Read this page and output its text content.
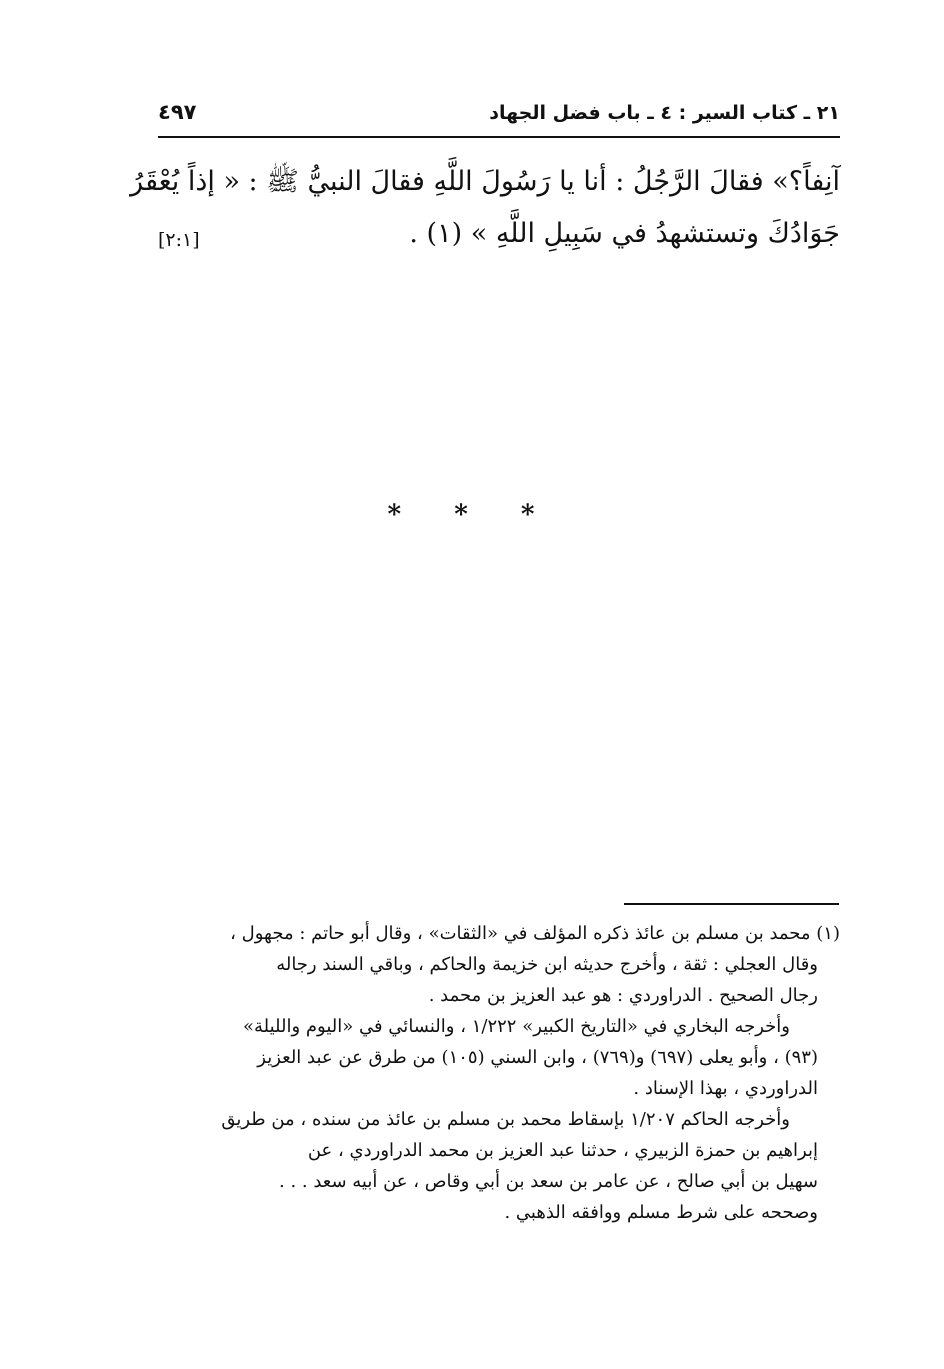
٢١ ـ كتاب السير : ٤ ـ باب فضل الجهاد
٤٩٧
آنِفاً؟» فقالَ الرَّجُلُ : أنا يا رَسُولَ اللَّهِ فقالَ النبيُّ ﷺ : « إذاً يُعْقَرُ
جَوَادُكَ وتستشهدُ في سَبِيلِ اللَّهِ » (١) .
[٢:١]
* * *
(١) محمد بن مسلم بن عائذ ذكره المؤلف في «الثقات» ، وقال أبو حاتم : مجهول ،
وقال العجلي : ثقة ، وأخرج حديثه ابن خزيمة والحاكم ، وباقي السند رجاله
رجال الصحيح . الدراوردي : هو عبد العزيز بن محمد .
وأخرجه البخاري في «التاريخ الكبير» ١/٢٢٢ ، والنسائي في «اليوم والليلة»
(٩٣) ، وأبو يعلى (٦٩٧) و(٧٦٩) ، وابن السني (١٠٥) من طرق عن عبد العزيز
الدراوردي ، بهذا الإسناد .
وأخرجه الحاكم ١/٢٠٧ بإسقاط محمد بن مسلم بن عائذ من سنده ، من طريق
إبراهيم بن حمزة الزبيري ، حدثنا عبد العزيز بن محمد الدراوردي ، عن
سهيل بن أبي صالح ، عن عامر بن سعد بن أبي وقاص ، عن أبيه سعد . . .
وصححه على شرط مسلم ووافقه الذهبي .
